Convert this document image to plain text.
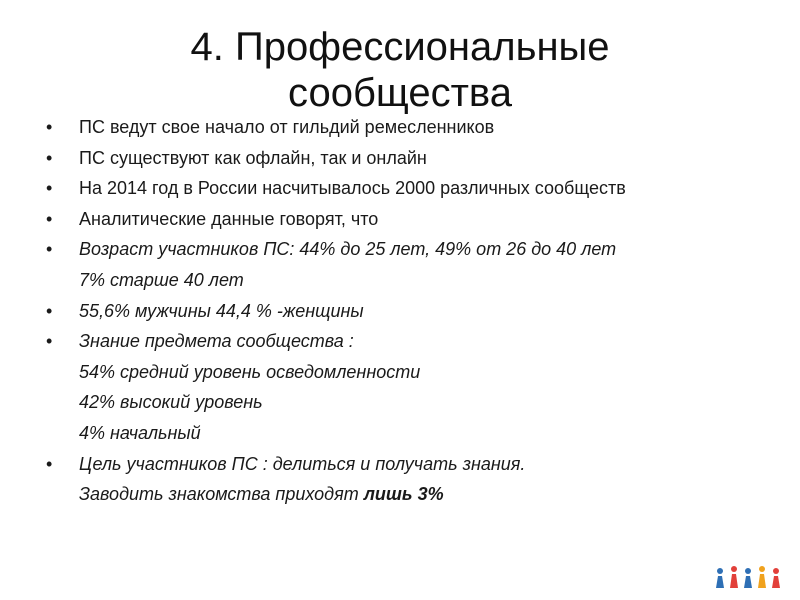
4. Профессиональные
сообщества
• ПС ведут свое начало от гильдий ремесленников
• ПС существуют как офлайн, так и онлайн
• На 2014 год в России насчитывалось 2000 различных сообществ
• Аналитические данные говорят, что
• Возраст участников ПС: 44% до 25 лет, 49% от 26 до 40 лет
7% старше 40 лет
• 55,6% мужчины 44,4 % -женщины
• Знание предмета сообщества :
54% средний уровень осведомленности
42% высокий уровень
4% начальный
• Цель участников ПС : делиться и получать знания.
Заводить знакомства приходят лишь 3%
